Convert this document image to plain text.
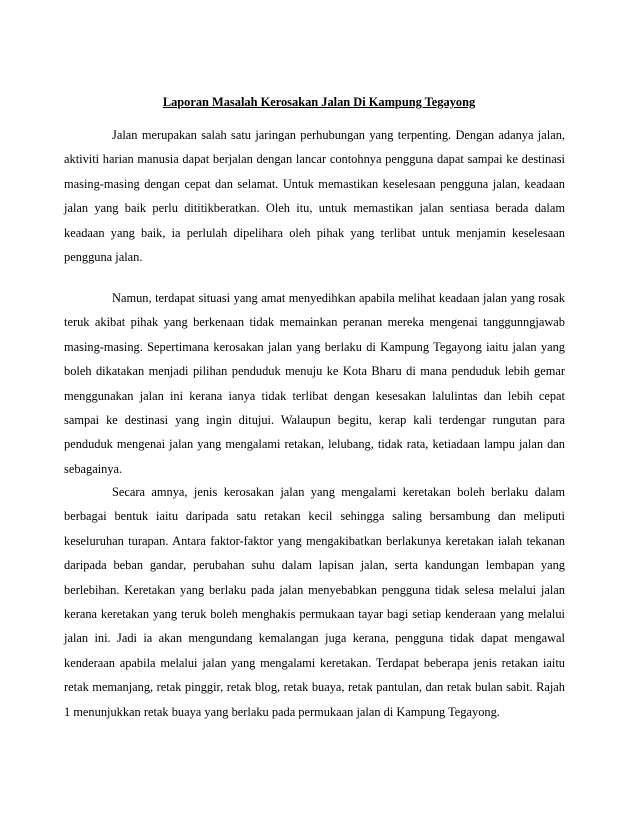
Laporan Masalah Kerosakan Jalan Di Kampung Tegayong

Jalan merupakan salah satu jaringan perhubungan yang terpenting. Dengan adanya jalan, aktiviti harian manusia dapat berjalan dengan lancar contohnya pengguna dapat sampai ke destinasi masing-masing dengan cepat dan selamat. Untuk memastikan keselesaan pengguna jalan, keadaan jalan yang baik perlu dititikberatkan. Oleh itu, untuk memastikan jalan sentiasa berada dalam keadaan yang baik, ia perlulah dipelihara oleh pihak yang terlibat untuk menjamin keselesaan pengguna jalan.

Namun, terdapat situasi yang amat menyedihkan apabila melihat keadaan jalan yang rosak teruk akibat pihak yang berkenaan tidak memainkan peranan mereka mengenai tanggunngjawab masing-masing. Sepertimana kerosakan jalan yang berlaku di Kampung Tegayong iaitu jalan yang boleh dikatakan menjadi pilihan penduduk menuju ke Kota Bharu di mana penduduk lebih gemar menggunakan jalan ini kerana ianya tidak terlibat dengan kesesakan lalulintas dan lebih cepat sampai ke destinasi yang ingin ditujui. Walaupun begitu, kerap kali terdengar rungutan para penduduk mengenai jalan yang mengalami retakan, lelubang, tidak rata, ketiadaan lampu jalan dan sebagainya.

Secara amnya, jenis kerosakan jalan yang mengalami keretakan boleh berlaku dalam berbagai bentuk iaitu daripada satu retakan kecil sehingga saling bersambung dan meliputi keseluruhan turapan. Antara faktor-faktor yang mengakibatkan berlakunya keretakan ialah tekanan daripada beban gandar, perubahan suhu dalam lapisan jalan, serta kandungan lembapan yang berlebihan. Keretakan yang berlaku pada jalan menyebabkan pengguna tidak selesa melalui jalan kerana keretakan yang teruk boleh menghakis permukaan tayar bagi setiap kenderaan yang melalui jalan ini. Jadi ia akan mengundang kemalangan juga kerana, pengguna tidak dapat mengawal kenderaan apabila melalui jalan yang mengalami keretakan. Terdapat beberapa jenis retakan iaitu retak memanjang, retak pinggir, retak blog, retak buaya, retak pantulan, dan retak bulan sabit. Rajah 1 menunjukkan retak buaya yang berlaku pada permukaan jalan di Kampung Tegayong.
